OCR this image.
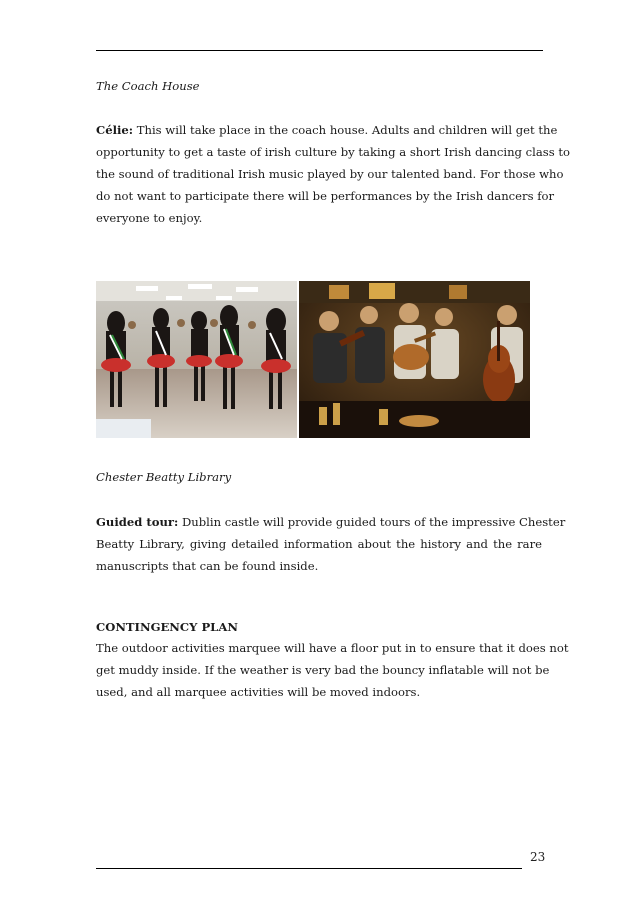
The Coach House
Célie: This will take place in the coach house. Adults and children will get the
opportunity to get a taste of irish culture by taking a short Irish dancing class to
the sound of traditional Irish music played by our talented band. For those who
do not want to participate there will be performances by the Irish dancers for
everyone to enjoy.
Chester Beatty Library
Guided tour: Dublin castle will provide guided tours of the impressive Chester
Beatty Library, giving detailed information about the history and the rare
manuscripts that can be found inside.
CONTINGENCY PLAN
The outdoor activities marquee will have a floor put in to ensure that it does not
get muddy inside. If the weather is very bad the bouncy inflatable will not be
used, and all marquee activities will be moved indoors.
23
